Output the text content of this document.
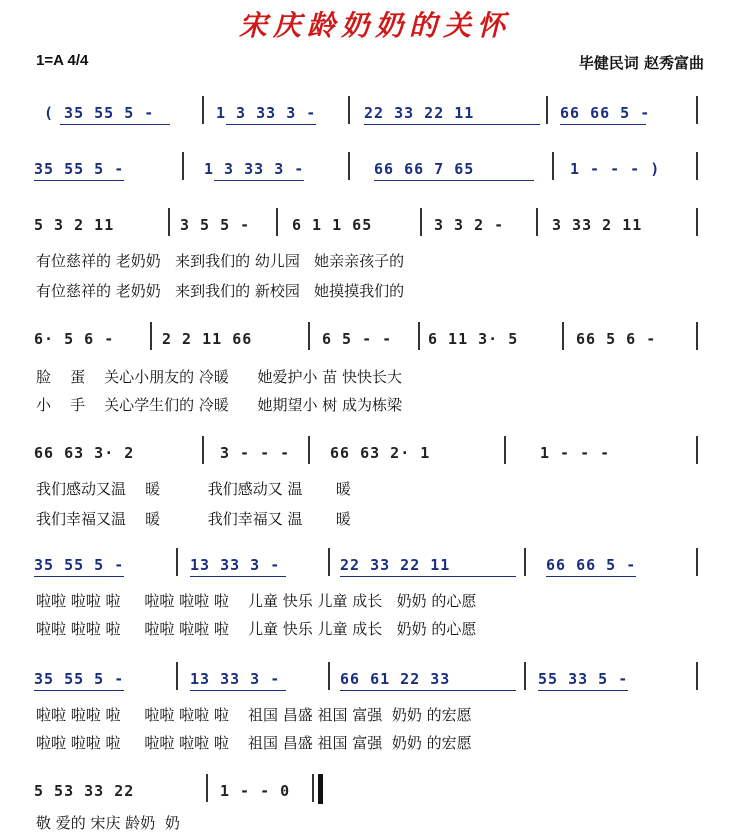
宋庆龄奶奶的关怀
1=A 4/4	毕健民词 赵秀富曲
( 35 55 5 -	1 3 33 3 -	22 33 22 11	66 66 5 -
35 55 5 -	1 3 33 3 -	66 66 7 65	1 - - - )
5 3 2 11	3 5 5 -	6 1 1 65	3 3 2 -	3 33 2 11
有位慈祥的 老奶奶   来到我们的 幼儿园   她亲亲孩子的
有位慈祥的 老奶奶   来到我们的 新校园   她摸摸我们的
6· 5 6 -	2 2 11 66	6 5 - - 6 11 3· 5	66 5 6 -
脸    蛋    关心小朋友的 冷暖      她爱护小 苗 快快长大
小    手    关心学生们的 冷暖      她期望小 树 成为栋梁
66 63 3· 2	3 - - -	66 63 2· 1	1 - - -
我们感动又温    暖          我们感动又 温       暖
我们幸福又温    暖          我们幸福又 温       暖
35 55 5 -	13 33 3 -	22 33 22 11	66 66 5 -
啦啦 啦啦 啦     啦啦 啦啦 啦    儿童 快乐 儿童 成长   奶奶 的心愿
啦啦 啦啦 啦     啦啦 啦啦 啦    儿童 快乐 儿童 成长   奶奶 的心愿
35 55 5 -	13 33 3 -	66 61 22 33	55 33 5 -
啦啦 啦啦 啦     啦啦 啦啦 啦    祖国 昌盛 祖国 富强  奶奶 的宏愿
啦啦 啦啦 啦     啦啦 啦啦 啦    祖国 昌盛 祖国 富强  奶奶 的宏愿
5 53 33 22	1 - - 0
敬 爱的 宋庆 龄奶  奶
